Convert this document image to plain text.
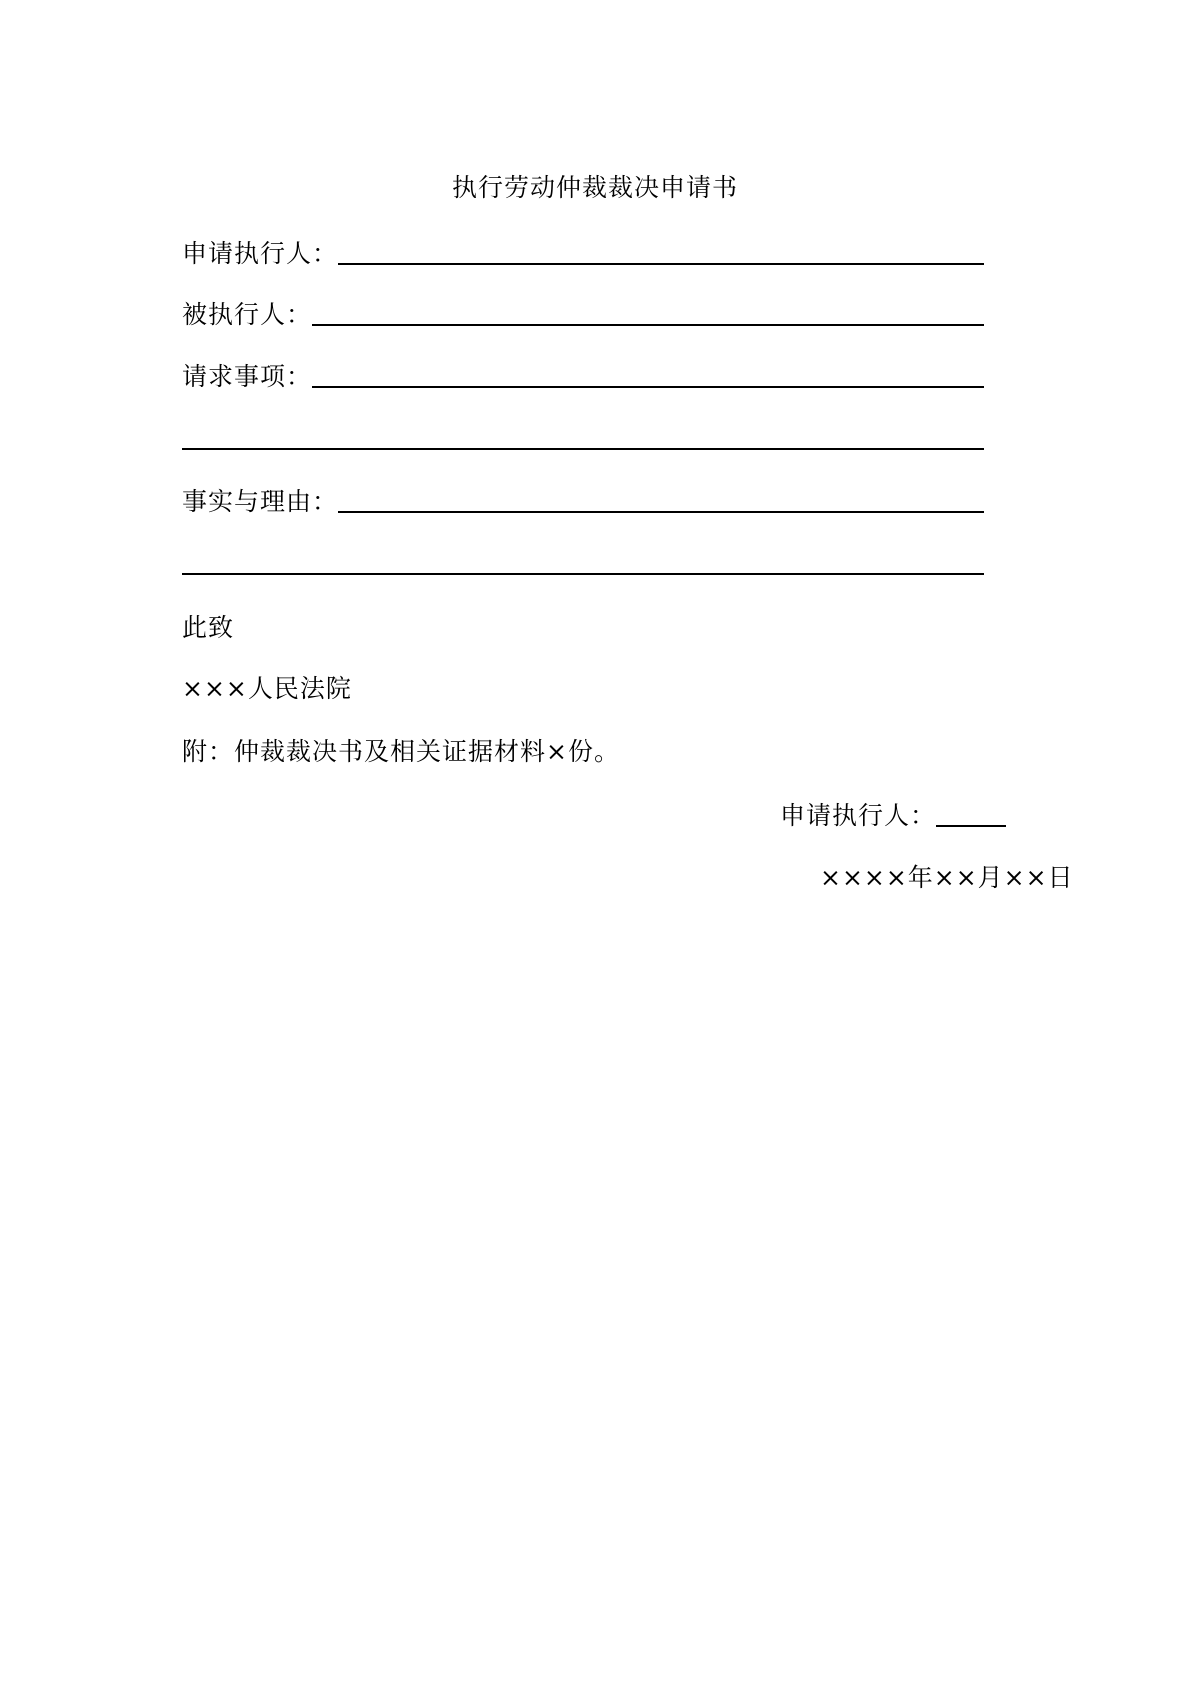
执行劳动仲裁裁决申请书
申请执行人：
被执行人：
请求事项：
事实与理由：
此致
×××人民法院
附：仲裁裁决书及相关证据材料×份。
申请执行人：
××××年××月××日
